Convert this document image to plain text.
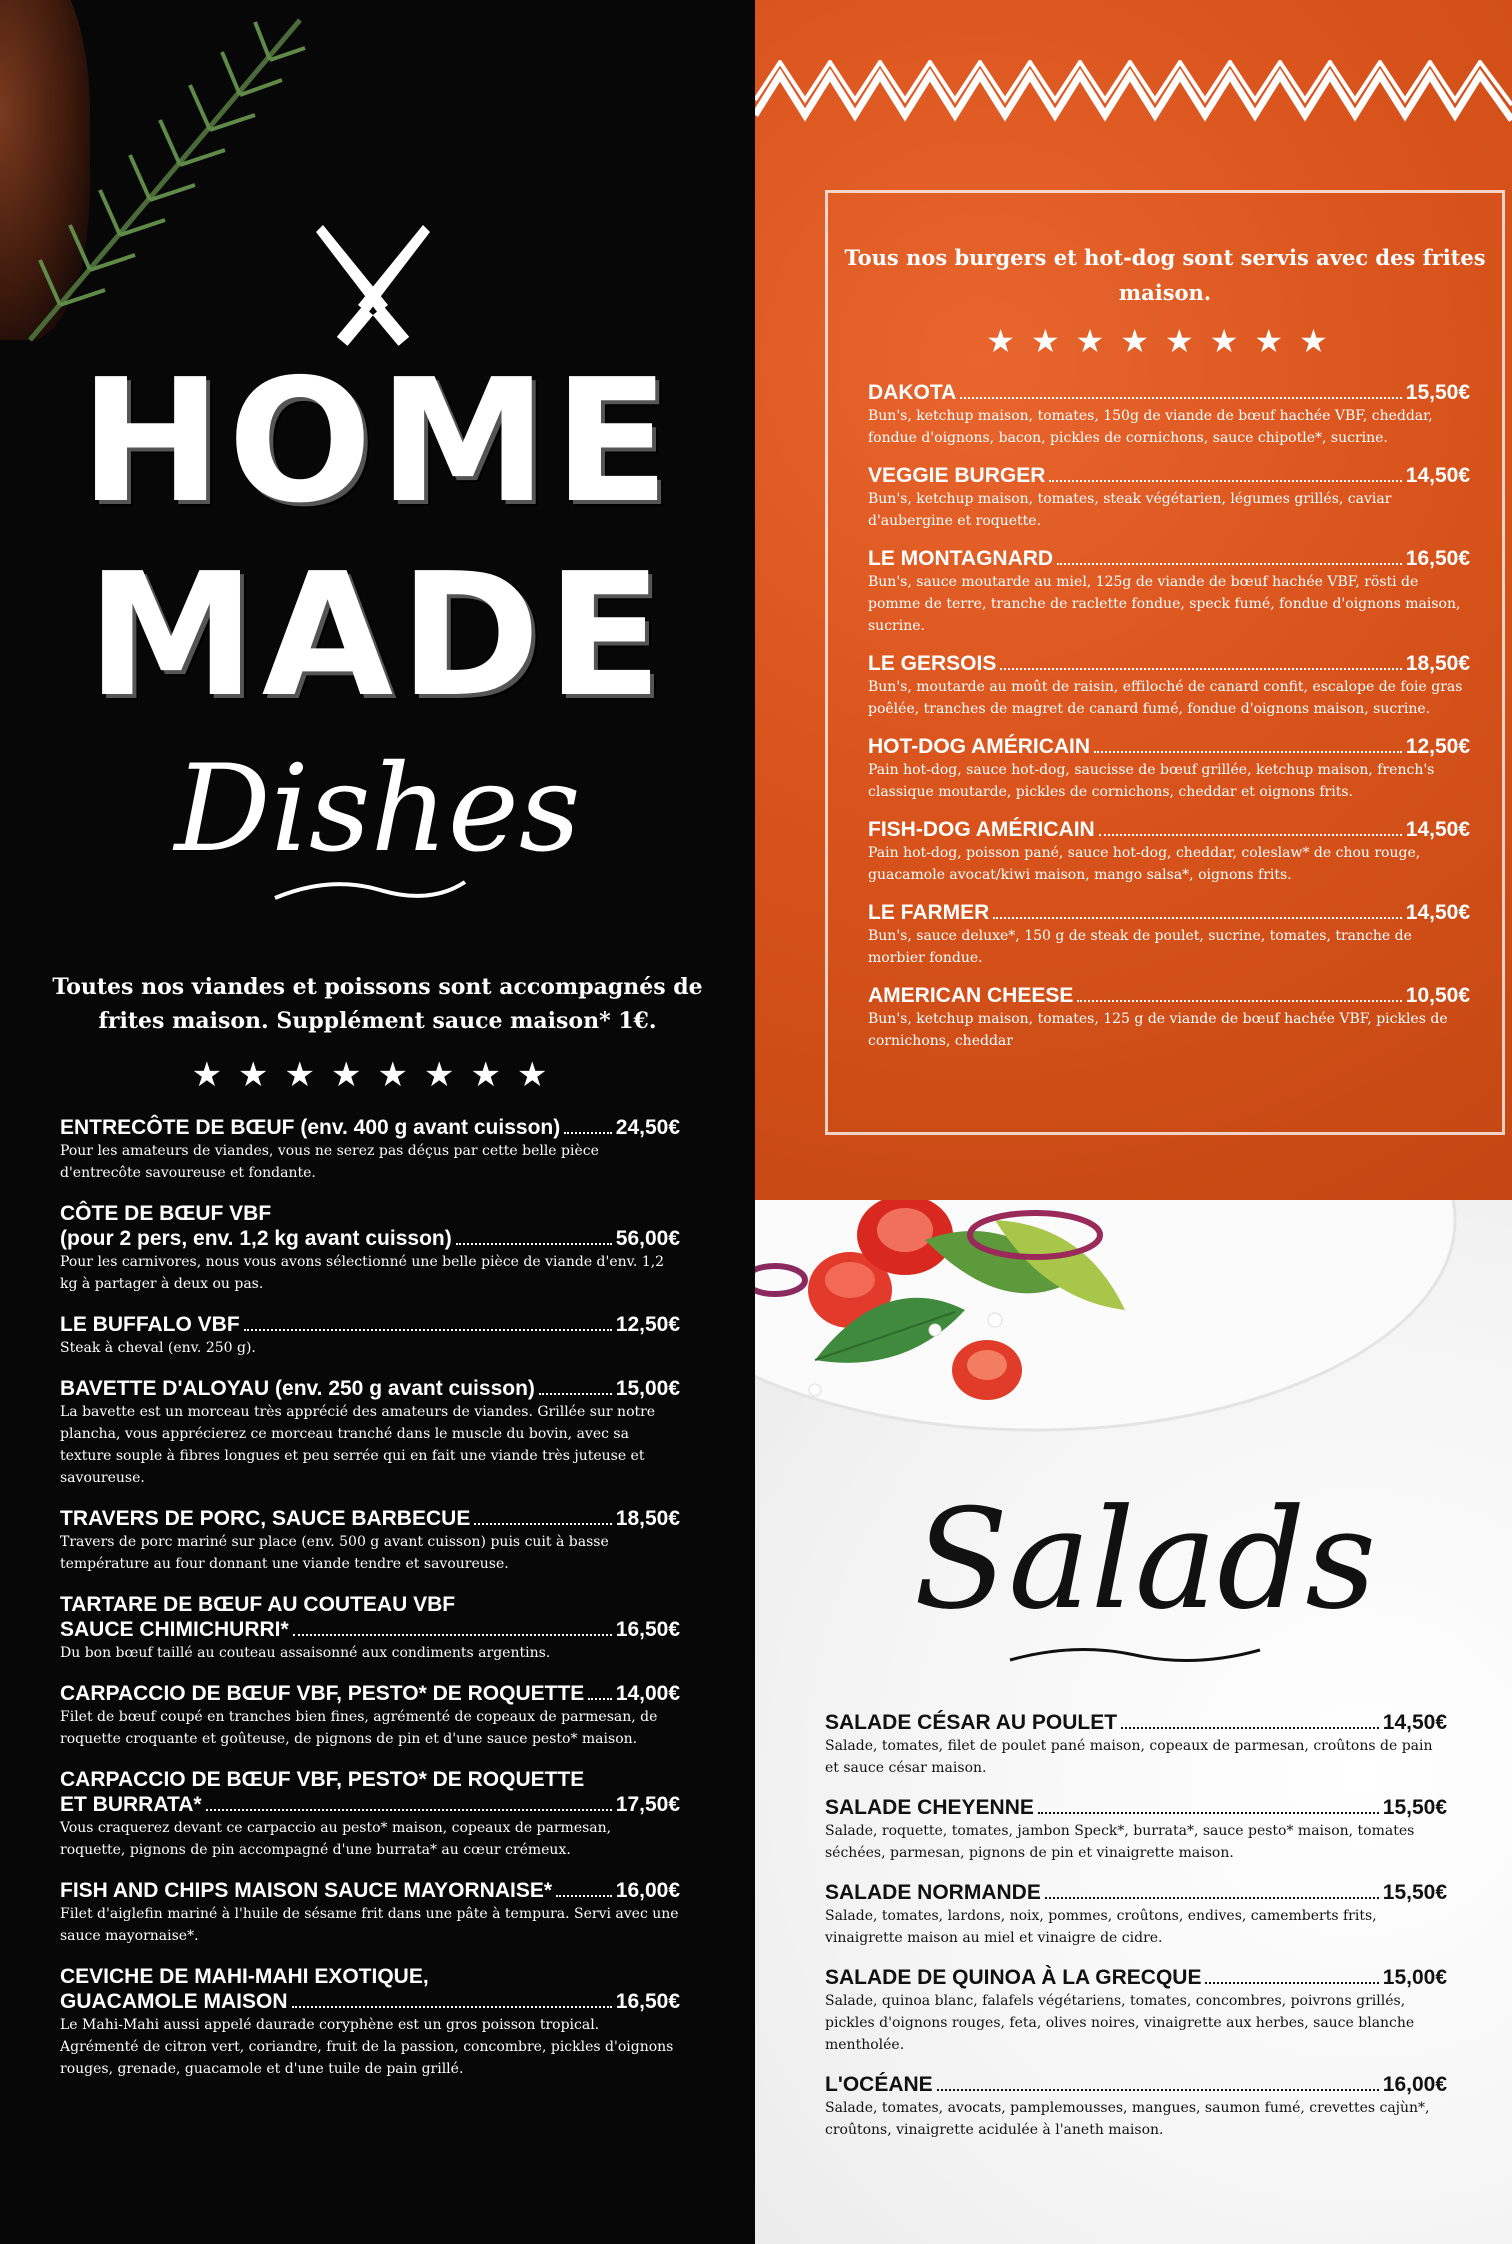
HOME
MADE
Dishes
Toutes nos viandes et poissons sont accompagnés de frites maison. Supplément sauce maison* 1€.
★★★★★★★★
ENTRECÔTE DE BŒUF (env. 400 g avant cuisson)	24,50€
Pour les amateurs de viandes, vous ne serez pas déçus par cette belle pièce d'entrecôte savoureuse et fondante.
CÔTE DE BŒUF VBF
(pour 2 pers, env. 1,2 kg avant cuisson)	56,00€
Pour les carnivores, nous vous avons sélectionné une belle pièce de viande d'env. 1,2 kg à partager à deux ou pas.
LE BUFFALO VBF	12,50€
Steak à cheval (env. 250 g).
BAVETTE D'ALOYAU (env. 250 g avant cuisson)	15,00€
La bavette est un morceau très apprécié des amateurs de viandes. Grillée sur notre plancha, vous apprécierez ce morceau tranché dans le muscle du bovin, avec sa texture souple à fibres longues et peu serrée qui en fait une viande très juteuse et savoureuse.
TRAVERS DE PORC, SAUCE BARBECUE	18,50€
Travers de porc mariné sur place (env. 500 g avant cuisson) puis cuit à basse température au four donnant une viande tendre et savoureuse.
TARTARE DE BŒUF AU COUTEAU VBF
SAUCE CHIMICHURRI*	16,50€
Du bon bœuf taillé au couteau assaisonné aux condiments argentins.
CARPACCIO DE BŒUF VBF, PESTO* DE ROQUETTE 14,00€
Filet de bœuf coupé en tranches bien fines, agrémenté de copeaux de parmesan, de roquette croquante et goûteuse, de pignons de pin et d'une sauce pesto* maison.
CARPACCIO DE BŒUF VBF, PESTO* DE ROQUETTE
ET BURRATA*	17,50€
Vous craquerez devant ce carpaccio au pesto* maison, copeaux de parmesan, roquette, pignons de pin accompagné d'une burrata* au cœur crémeux.
FISH AND CHIPS MAISON SAUCE MAYORNAISE*	16,00€
Filet d'aiglefin mariné à l'huile de sésame frit dans une pâte à tempura. Servi avec une sauce mayornaise*.
CEVICHE DE MAHI-MAHI EXOTIQUE,
GUACAMOLE MAISON	16,50€
Le Mahi-Mahi aussi appelé daurade coryphène est un gros poisson tropical. Agrémenté de citron vert, coriandre, fruit de la passion, concombre, pickles d'oignons rouges, grenade, guacamole et d'une tuile de pain grillé.
Tous nos burgers et hot-dog sont servis avec des frites maison.
★★★★★★★★
DAKOTA	15,50€
Bun's, ketchup maison, tomates, 150g de viande de bœuf hachée VBF, cheddar, fondue d'oignons, bacon, pickles de cornichons, sauce chipotle*, sucrine.
VEGGIE BURGER	14,50€
Bun's, ketchup maison, tomates, steak végétarien, légumes grillés, caviar d'aubergine et roquette.
LE MONTAGNARD	16,50€
Bun's, sauce moutarde au miel, 125g de viande de bœuf hachée VBF, rösti de pomme de terre, tranche de raclette fondue, speck fumé, fondue d'oignons maison, sucrine.
LE GERSOIS	18,50€
Bun's, moutarde au moût de raisin, effiloché de canard confit, escalope de foie gras poêlée, tranches de magret de canard fumé, fondue d'oignons maison, sucrine.
HOT-DOG AMÉRICAIN	12,50€
Pain hot-dog, sauce hot-dog, saucisse de bœuf grillée, ketchup maison, french's classique moutarde, pickles de cornichons, cheddar et oignons frits.
FISH-DOG AMÉRICAIN	14,50€
Pain hot-dog, poisson pané, sauce hot-dog, cheddar, coleslaw* de chou rouge, guacamole avocat/kiwi maison, mango salsa*, oignons frits.
LE FARMER	14,50€
Bun's, sauce deluxe*, 150 g de steak de poulet, sucrine, tomates, tranche de morbier fondue.
AMERICAN CHEESE	10,50€
Bun's, ketchup maison, tomates, 125 g de viande de bœuf hachée VBF, pickles de cornichons, cheddar
Salads
SALADE CÉSAR AU POULET	14,50€
Salade, tomates, filet de poulet pané maison, copeaux de parmesan, croûtons de pain et sauce césar maison.
SALADE CHEYENNE	15,50€
Salade, roquette, tomates, jambon Speck*, burrata*, sauce pesto* maison, tomates séchées, parmesan, pignons de pin et vinaigrette maison.
SALADE NORMANDE	15,50€
Salade, tomates, lardons, noix, pommes, croûtons, endives, camemberts frits, vinaigrette maison au miel et vinaigre de cidre.
SALADE DE QUINOA À LA GRECQUE	15,00€
Salade, quinoa blanc, falafels végétariens, tomates, concombres, poivrons grillés, pickles d'oignons rouges, feta, olives noires, vinaigrette aux herbes, sauce blanche mentholée.
L'OCÉANE	16,00€
Salade, tomates, avocats, pamplemousses, mangues, saumon fumé, crevettes cajùn*, croûtons, vinaigrette acidulée à l'aneth maison.
